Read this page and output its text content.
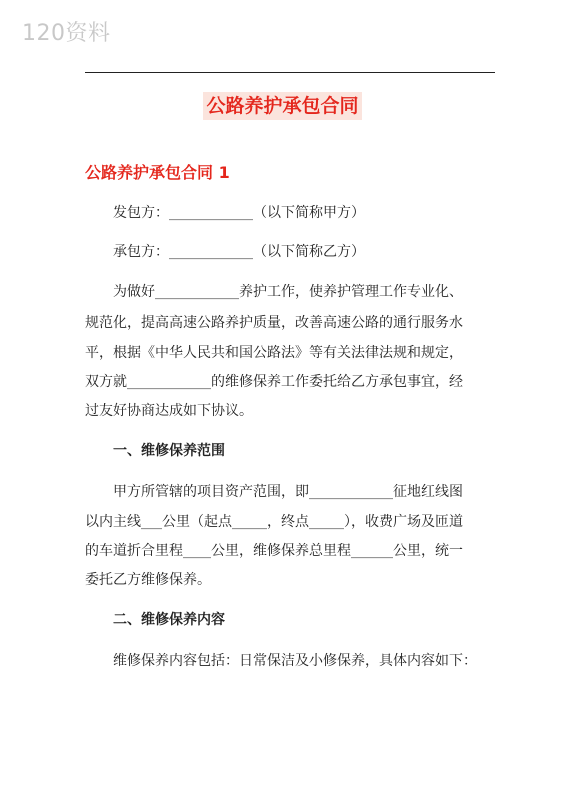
120资料
公路养护承包合同
公路养护承包合同 1
发包方：____________（以下简称甲方）
承包方：____________（以下简称乙方）
为做好____________养护工作，使养护管理工作专业化、
规范化，提高高速公路养护质量，改善高速公路的通行服务水
平，根据《中华人民共和国公路法》等有关法律法规和规定，
双方就____________的维修保养工作委托给乙方承包事宜，经
过友好协商达成如下协议。
一、维修保养范围
甲方所管辖的项目资产范围，即____________征地红线图
以内主线___公里（起点_____，终点_____），收费广场及匝道
的车道折合里程____公里，维修保养总里程______公里，统一
委托乙方维修保养。
二、维修保养内容
维修保养内容包括：日常保洁及小修保养，具体内容如下：
